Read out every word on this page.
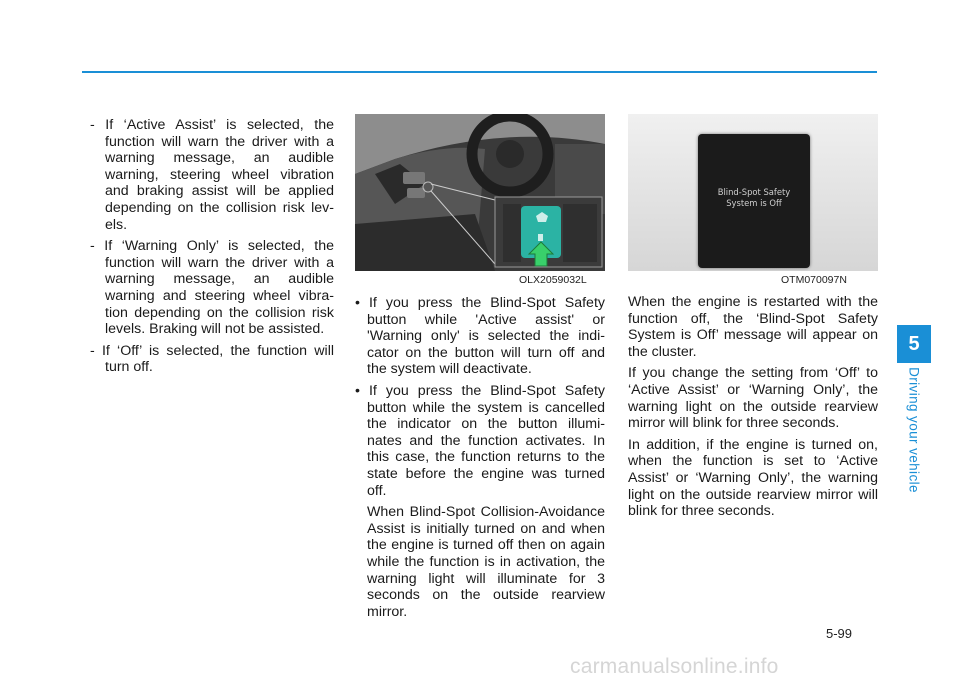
- If ‘Active Assist’ is selected, the function will warn the driver with a warning message, an audible warning, steering wheel vibration and braking assist will be applied depending on the collision risk lev-els.

- If ‘Warning Only’ is selected, the function will warn the driver with a warning message, an audible warning and steering wheel vibra-tion depending on the collision risk levels. Braking will not be assisted.

- If ‘Off’ is selected, the function will turn off.

OLX2059032L

• If you press the Blind-Spot Safety button while 'Active assist' or 'Warning only' is selected the indi-cator on the button will turn off and the system will deactivate.

• If you press the Blind-Spot Safety button while the system is cancelled the indicator on the button illumi-nates and the function activates. In this case, the function returns to the state before the engine was turned off.

When Blind-Spot Collision-Avoidance Assist is initially turned on and when the engine is turned off then on again while the function is in activation, the warning light will illuminate for 3 seconds on the outside rearview mirror.

Blind-Spot Safety
System is Off
OTM070097N

When the engine is restarted with the function off, the ‘Blind-Spot Safety System is Off’ message will appear on the cluster.

If you change the setting from ‘Off’ to ‘Active Assist’ or ‘Warning Only’, the warning light on the outside rearview mirror will blink for three seconds.

In addition, if the engine is turned on, when the function is set to ‘Active Assist’ or ‘Warning Only’, the warning light on the outside rearview mirror will blink for three seconds.

5
Driving your vehicle
5-99
carmanualsonline.info
